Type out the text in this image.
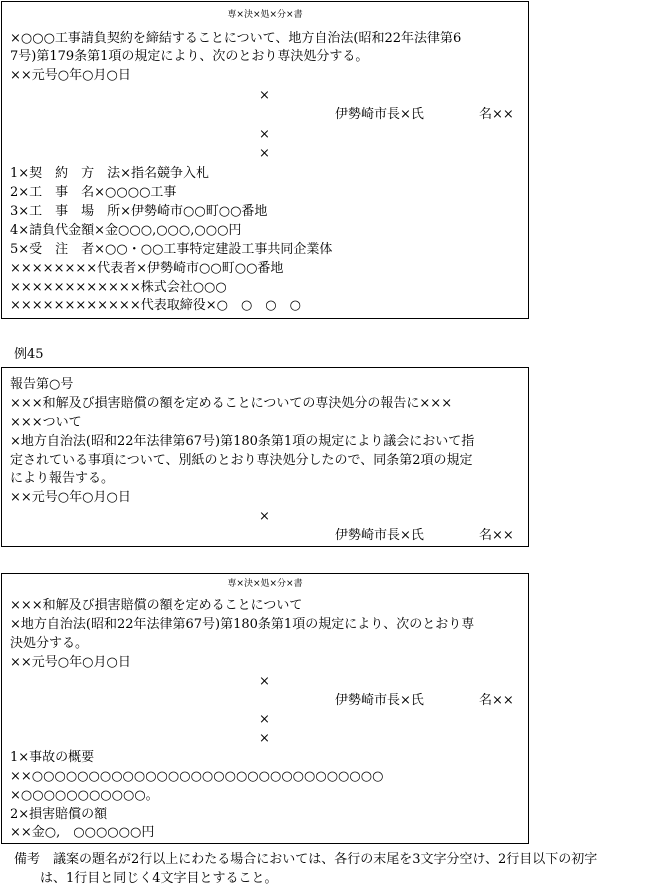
専×決×処×分×書
×○○○工事請負契約を締結することについて、地方自治法(昭和22年法律第6
7号)第179条第1項の規定により、次のとおり専決処分する。
××元号○年○月○日
×
伊勢崎市長×氏	名××
×
×
1×契　約　方　法×指名競争入札
2×工　事　名×○○○○工事
3×工　事　場　所×伊勢崎市○○町○○番地
4×請負代金額×金○○○,○○○,○○○円
5×受　注　者×○○・○○工事特定建設工事共同企業体
××××××××代表者×伊勢崎市○○町○○番地
××××××××××××株式会社○○○
××××××××××××代表取締役×○　○　○　○
例45
報告第○号
×××和解及び損害賠償の額を定めることについての専決処分の報告に×××
×××ついて
×地方自治法(昭和22年法律第67号)第180条第1項の規定により議会において指
定されている事項について、別紙のとおり専決処分したので、同条第2項の規定
により報告する。
××元号○年○月○日
×
伊勢崎市長×氏	名××
専×決×処×分×書
×××和解及び損害賠償の額を定めることについて
×地方自治法(昭和22年法律第67号)第180条第1項の規定により、次のとおり専
決処分する。
××元号○年○月○日
×
伊勢崎市長×氏	名××
×
×
1×事故の概要
××○○○○○○○○○○○○○○○○○○○○○○○○○○○○○○○
×○○○○○○○○○○○。
2×損害賠償の額
××金○,　○○○○○○円
備考　議案の題名が2行以上にわたる場合においては、各行の末尾を3文字分空け、2行目以下の初字
は、1行目と同じく4文字目とすること。
